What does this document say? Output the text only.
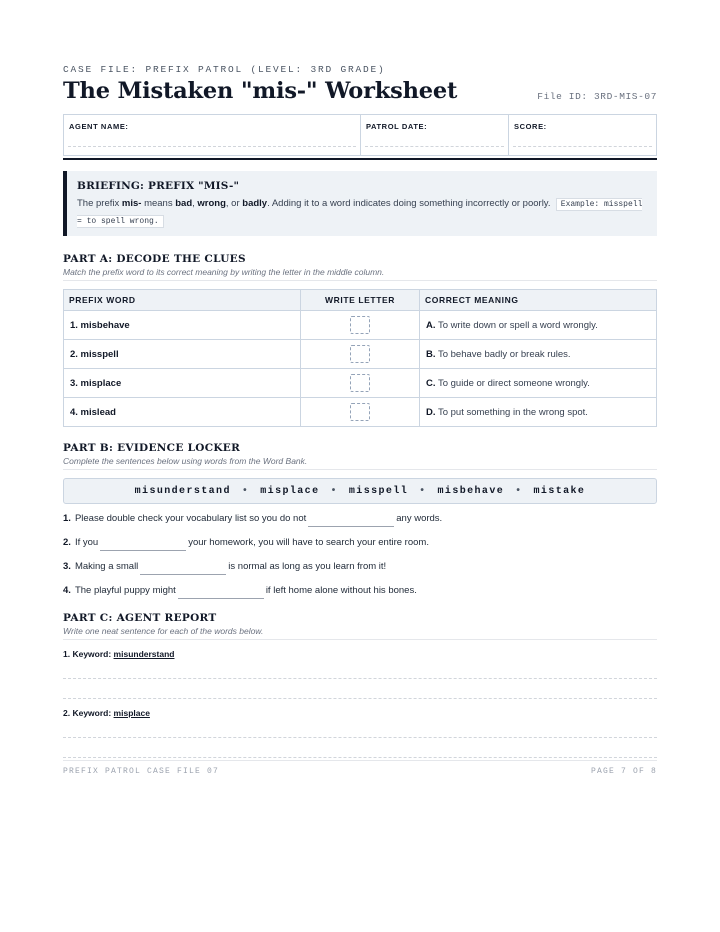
CASE FILE: PREFIX PATROL (LEVEL: 3RD GRADE)
The Mistaken "mis-" Worksheet	File ID: 3RD-MIS-07
AGENT NAME:	PATROL DATE:	SCORE:
BRIEFING: PREFIX "MIS-"
The prefix mis- means bad, wrong, or badly. Adding it to a word indicates doing something incorrectly or poorly. Example: misspell = to spell wrong.
PART A: DECODE THE CLUES
Match the prefix word to its correct meaning by writing the letter in the middle column.
PREFIX WORD	WRITE LETTER	CORRECT MEANING
1. misbehave		A. To write down or spell a word wrongly.
2. misspell		B. To behave badly or break rules.
3. misplace		C. To guide or direct someone wrongly.
4. mislead		D. To put something in the wrong spot.
PART B: EVIDENCE LOCKER
Complete the sentences below using words from the Word Bank.
misunderstand • misplace • misspell • misbehave • mistake
1. Please double check your vocabulary list so you do not	any words.
2. If you	your homework, you will have to search your entire room.
3. Making a small	is normal as long as you learn from it!
4. The playful puppy might	if left home alone without his bones.
PART C: AGENT REPORT
Write one neat sentence for each of the words below.
1. Keyword: misunderstand
2. Keyword: misplace
PREFIX PATROL CASE FILE 07	PAGE 7 OF 8
